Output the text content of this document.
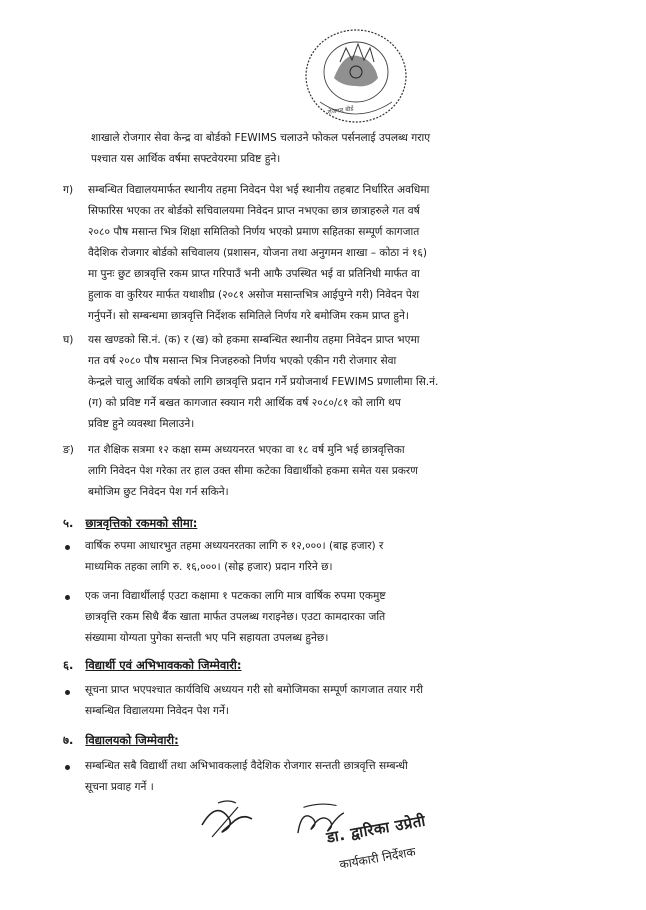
रोजगार बोर्ड

शाखाले रोजगार सेवा केन्द्र वा बोर्डको FEWIMS चलाउने फोकल पर्सनलाई उपलब्ध गराए
पश्चात यस आर्थिक वर्षमा सफ्टवेयरमा प्रविष्ट हुने।

ग) सम्बन्धित विद्यालयमार्फत स्थानीय तहमा निवेदन पेश भई स्थानीय तहबाट निर्धारित अवधिमा
सिफारिस भएका तर बोर्डको सचिवालयमा निवेदन प्राप्त नभएका छात्र छात्राहरुले गत वर्ष
२०८० पौष मसान्त भित्र शिक्षा समितिको निर्णय भएको प्रमाण सहितका सम्पूर्ण कागजात
वैदेशिक रोजगार बोर्डको सचिवालय (प्रशासन, योजना तथा अनुगमन शाखा – कोठा नं १६)
मा पुनः छुट छात्रवृत्ति रकम प्राप्त गरिपाउँ भनी आफै उपस्थित भई वा प्रतिनिधी मार्फत वा
हुलाक वा कुरियर मार्फत यथाशीघ्र (२०८१ असोज मसान्तभित्र आईपुग्ने गरी) निवेदन पेश
गर्नुपर्ने। सो सम्बन्धमा छात्रवृत्ति निर्देशक समितिले निर्णय गरे बमोजिम रकम प्राप्त हुने।

घ) यस खण्डको सि.नं. (क) र (ख) को हकमा सम्बन्धित स्थानीय तहमा निवेदन प्राप्त भएमा
गत वर्ष २०८० पौष मसान्त भित्र निजहरुको निर्णय भएको एकीन गरी रोजगार सेवा
केन्द्रले चालु आर्थिक वर्षको लागि छात्रवृत्ति प्रदान गर्ने प्रयोजनार्थ FEWIMS प्रणालीमा सि.नं.
(ग) को प्रविष्ट गर्ने बखत कागजात स्क्यान गरी आर्थिक वर्ष २०८०/८१ को लागि थप
प्रविष्ट हुने व्यवस्था मिलाउने।

ङ) गत शैक्षिक सत्रमा १२ कक्षा सम्म अध्ययनरत भएका वा १८ वर्ष मुनि भई छात्रवृत्तिका
लागि निवेदन पेश गरेका तर हाल उक्त सीमा कटेका विद्यार्थीको हकमा समेत यस प्रकरण
बमोजिम छुट निवेदन पेश गर्न सकिने।

५. छात्रवृत्तिको रकमको सीमा:

वार्षिक रुपमा आधारभुत तहमा अध्ययनरतका लागि रु १२,०००। (बाह्र हजार) र
माध्यमिक तहका लागि रु. १६,०००। (सोह्र हजार) प्रदान गरिने छ।

एक जना विद्यार्थीलाई एउटा कक्षामा १ पटकका लागि मात्र वार्षिक रुपमा एकमुष्ट
छात्रवृत्ति रकम सिधै बैंक खाता मार्फत उपलब्ध गराइनेछ। एउटा कामदारका जति
संख्यामा योग्यता पुगेका सन्तती भए पनि सहायता उपलब्ध हुनेछ।

६. विद्यार्थी एवं अभिभावकको जिम्मेवारी:

सूचना प्राप्त भएपश्चात कार्यविधि अध्ययन गरी सो बमोजिमका सम्पूर्ण कागजात तयार गरी
सम्बन्धित विद्यालयमा निवेदन पेश गर्ने।

७. विद्यालयको जिम्मेवारी:

सम्बन्धित सबै विद्यार्थी तथा अभिभावकलाई वैदेशिक रोजगार सन्तती छात्रवृत्ति सम्बन्धी
सूचना प्रवाह गर्ने ।

डा. द्वारिका उप्रेती
कार्यकारी निर्देशक
